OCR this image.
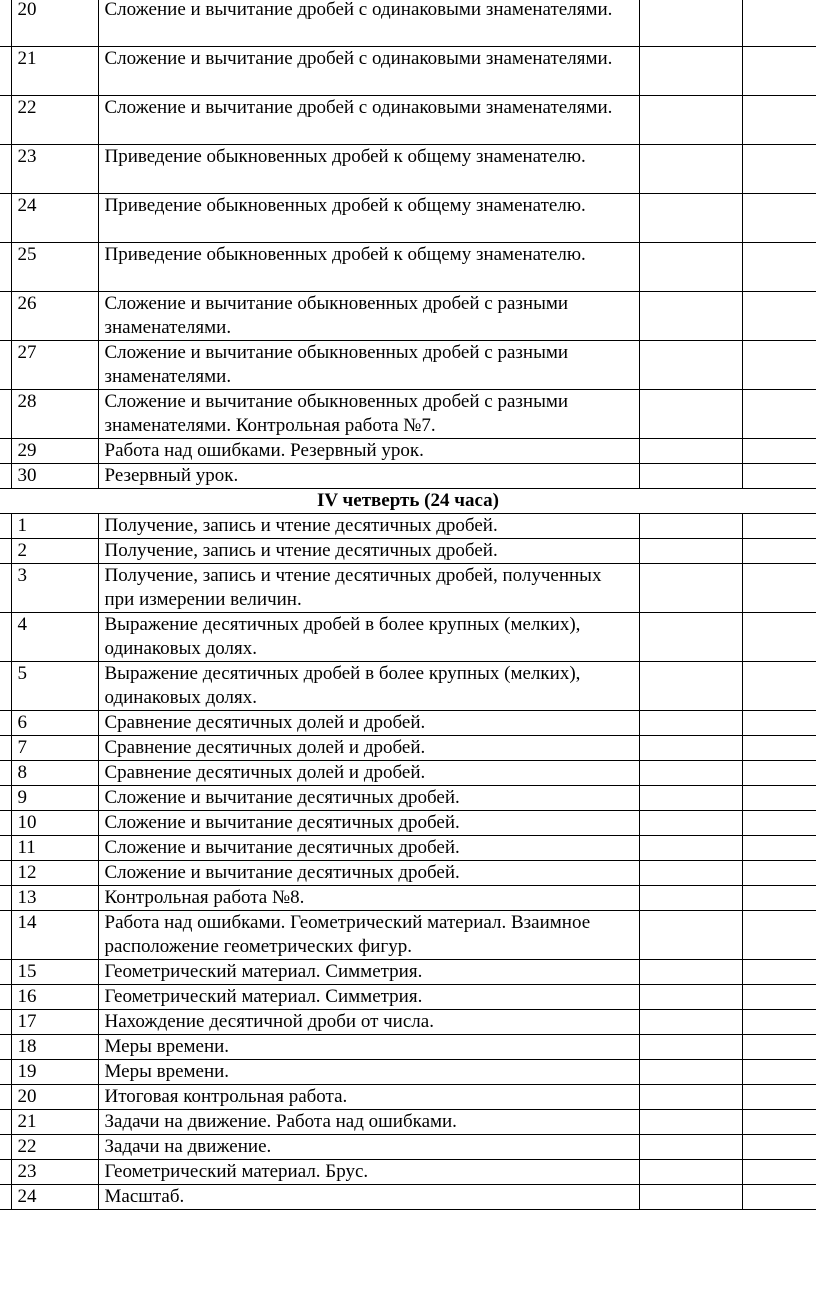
	20	Сложение и вычитание дробей с одинаковыми знаменателями.		
	21	Сложение и вычитание дробей с одинаковыми знаменателями.		
	22	Сложение и вычитание дробей с одинаковыми знаменателями.		
	23	Приведение обыкновенных дробей к общему знаменателю.		
	24	Приведение обыкновенных дробей к общему знаменателю.		
	25	Приведение обыкновенных дробей к общему знаменателю.		
	26	Сложение и вычитание обыкновенных дробей с разными знаменателями.		
	27	Сложение и вычитание обыкновенных дробей с разными знаменателями.		
	28	Сложение и вычитание обыкновенных дробей с разными знаменателями. Контрольная работа №7.		
	29	Работа над ошибками. Резервный урок.		
	30	Резервный урок.		
IV четверть (24 часа)				
	1	Получение, запись и чтение десятичных дробей.		
	2	Получение, запись и чтение десятичных дробей.		
	3	Получение, запись и чтение десятичных дробей, полученных при измерении величин.		
	4	Выражение десятичных дробей в более крупных (мелких), одинаковых долях.		
	5	Выражение десятичных дробей в более крупных (мелких), одинаковых долях.		
	6	Сравнение десятичных долей и дробей.		
	7	Сравнение десятичных долей и дробей.		
	8	Сравнение десятичных долей и дробей.		
	9	Сложение и вычитание десятичных дробей.		
	10	Сложение и вычитание десятичных дробей.		
	11	Сложение и вычитание десятичных дробей.		
	12	Сложение и вычитание десятичных дробей.		
	13	Контрольная работа №8.		
	14	Работа над ошибками. Геометрический материал. Взаимное расположение геометрических фигур.		
	15	Геометрический материал. Симметрия.		
	16	Геометрический материал. Симметрия.		
	17	Нахождение десятичной дроби от числа.		
	18	Меры времени.		
	19	Меры времени.		
	20	Итоговая контрольная работа.		
	21	Задачи на движение. Работа над ошибками.		
	22	Задачи на движение.		
	23	Геометрический материал. Брус.		
	24	Масштаб.		
